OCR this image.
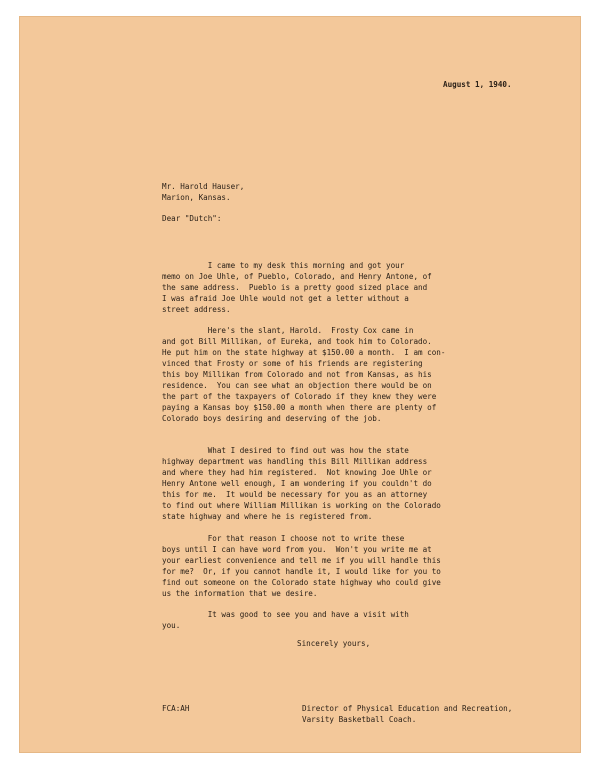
August 1, 1940.
Mr. Harold Hauser,
Marion, Kansas.
Dear "Dutch":
I came to my desk this morning and got your
memo on Joe Uhle, of Pueblo, Colorado, and Henry Antone, of
the same address.  Pueblo is a pretty good sized place and
I was afraid Joe Uhle would not get a letter without a
street address.
Here's the slant, Harold.  Frosty Cox came in
and got Bill Millikan, of Eureka, and took him to Colorado.
He put him on the state highway at $150.00 a month.  I am con-
vinced that Frosty or some of his friends are registering
this boy Millikan from Colorado and not from Kansas, as his
residence.  You can see what an objection there would be on
the part of the taxpayers of Colorado if they knew they were
paying a Kansas boy $150.00 a month when there are plenty of
Colorado boys desiring and deserving of the job.
What I desired to find out was how the state
highway department was handling this Bill Millikan address
and where they had him registered.  Not knowing Joe Uhle or
Henry Antone well enough, I am wondering if you couldn't do
this for me.  It would be necessary for you as an attorney
to find out where William Millikan is working on the Colorado
state highway and where he is registered from.
For that reason I choose not to write these
boys until I can have word from you.  Won't you write me at
your earliest convenience and tell me if you will handle this
for me?  Or, if you cannot handle it, I would like for you to
find out someone on the Colorado state highway who could give
us the information that we desire.
It was good to see you and have a visit with
you.
Sincerely yours,
FCA:AH	Director of Physical Education and Recreation,
Varsity Basketball Coach.
